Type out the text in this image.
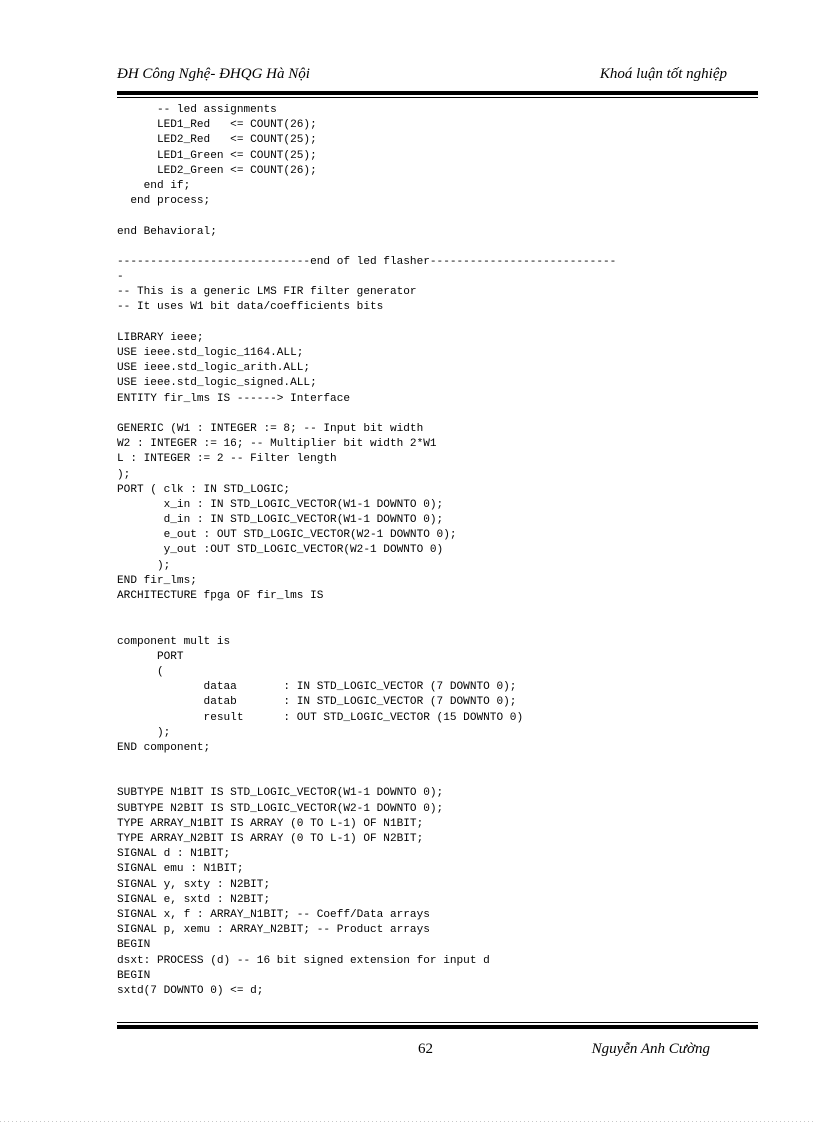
ĐH Công Nghệ- ĐHQG Hà Nội	Khoá luận tốt nghiệp
-- led assignments
LED1_Red   <= COUNT(26);
LED2_Red   <= COUNT(25);
LED1_Green <= COUNT(25);
LED2_Green <= COUNT(26);
end if;
end process;
end Behavioral;
-----------------------------end of led flasher----------------------------
-
-- This is a generic LMS FIR filter generator
-- It uses W1 bit data/coefficients bits
LIBRARY ieee;
USE ieee.std_logic_1164.ALL;
USE ieee.std_logic_arith.ALL;
USE ieee.std_logic_signed.ALL;
ENTITY fir_lms IS ------> Interface
GENERIC (W1 : INTEGER := 8; -- Input bit width
W2 : INTEGER := 16; -- Multiplier bit width 2*W1
L : INTEGER := 2 -- Filter length
);
PORT ( clk : IN STD_LOGIC;
x_in : IN STD_LOGIC_VECTOR(W1-1 DOWNTO 0);
d_in : IN STD_LOGIC_VECTOR(W1-1 DOWNTO 0);
e_out : OUT STD_LOGIC_VECTOR(W2-1 DOWNTO 0);
y_out :OUT STD_LOGIC_VECTOR(W2-1 DOWNTO 0)
);
END fir_lms;
ARCHITECTURE fpga OF fir_lms IS
component mult is
PORT
(
dataa       : IN STD_LOGIC_VECTOR (7 DOWNTO 0);
datab       : IN STD_LOGIC_VECTOR (7 DOWNTO 0);
result      : OUT STD_LOGIC_VECTOR (15 DOWNTO 0)
);
END component;
SUBTYPE N1BIT IS STD_LOGIC_VECTOR(W1-1 DOWNTO 0);
SUBTYPE N2BIT IS STD_LOGIC_VECTOR(W2-1 DOWNTO 0);
TYPE ARRAY_N1BIT IS ARRAY (0 TO L-1) OF N1BIT;
TYPE ARRAY_N2BIT IS ARRAY (0 TO L-1) OF N2BIT;
SIGNAL d : N1BIT;
SIGNAL emu : N1BIT;
SIGNAL y, sxty : N2BIT;
SIGNAL e, sxtd : N2BIT;
SIGNAL x, f : ARRAY_N1BIT; -- Coeff/Data arrays
SIGNAL p, xemu : ARRAY_N2BIT; -- Product arrays
BEGIN
dsxt: PROCESS (d) -- 16 bit signed extension for input d
BEGIN
sxtd(7 DOWNTO 0) <= d;
62	Nguyễn Anh Cường
